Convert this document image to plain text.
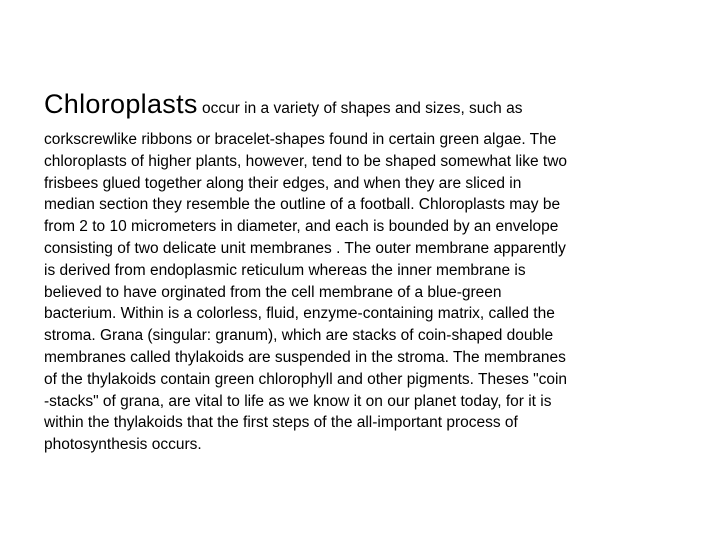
Chloroplasts occur in a variety of shapes and sizes, such as

corkscrewlike ribbons or bracelet-shapes found in certain green algae. The
chloroplasts of higher plants, however, tend to be shaped somewhat like two
frisbees glued together along their edges, and when they are sliced in
median section they resemble the outline of a football. Chloroplasts may be
from 2 to 10 micrometers in diameter, and each is bounded by an envelope
consisting of two delicate unit membranes . The outer membrane apparently
is derived from endoplasmic reticulum whereas the inner membrane is
believed to have orginated from the cell membrane of a blue-green
bacterium. Within is a colorless, fluid, enzyme-containing matrix, called the
stroma. Grana (singular: granum), which are stacks of coin-shaped double
membranes called thylakoids are suspended in the stroma. The membranes
of the thylakoids contain green chlorophyll and other pigments. Theses "coin
-stacks" of grana, are vital to life as we know it on our planet today, for it is
within the thylakoids that the first steps of the all-important process of
photosynthesis occurs.
